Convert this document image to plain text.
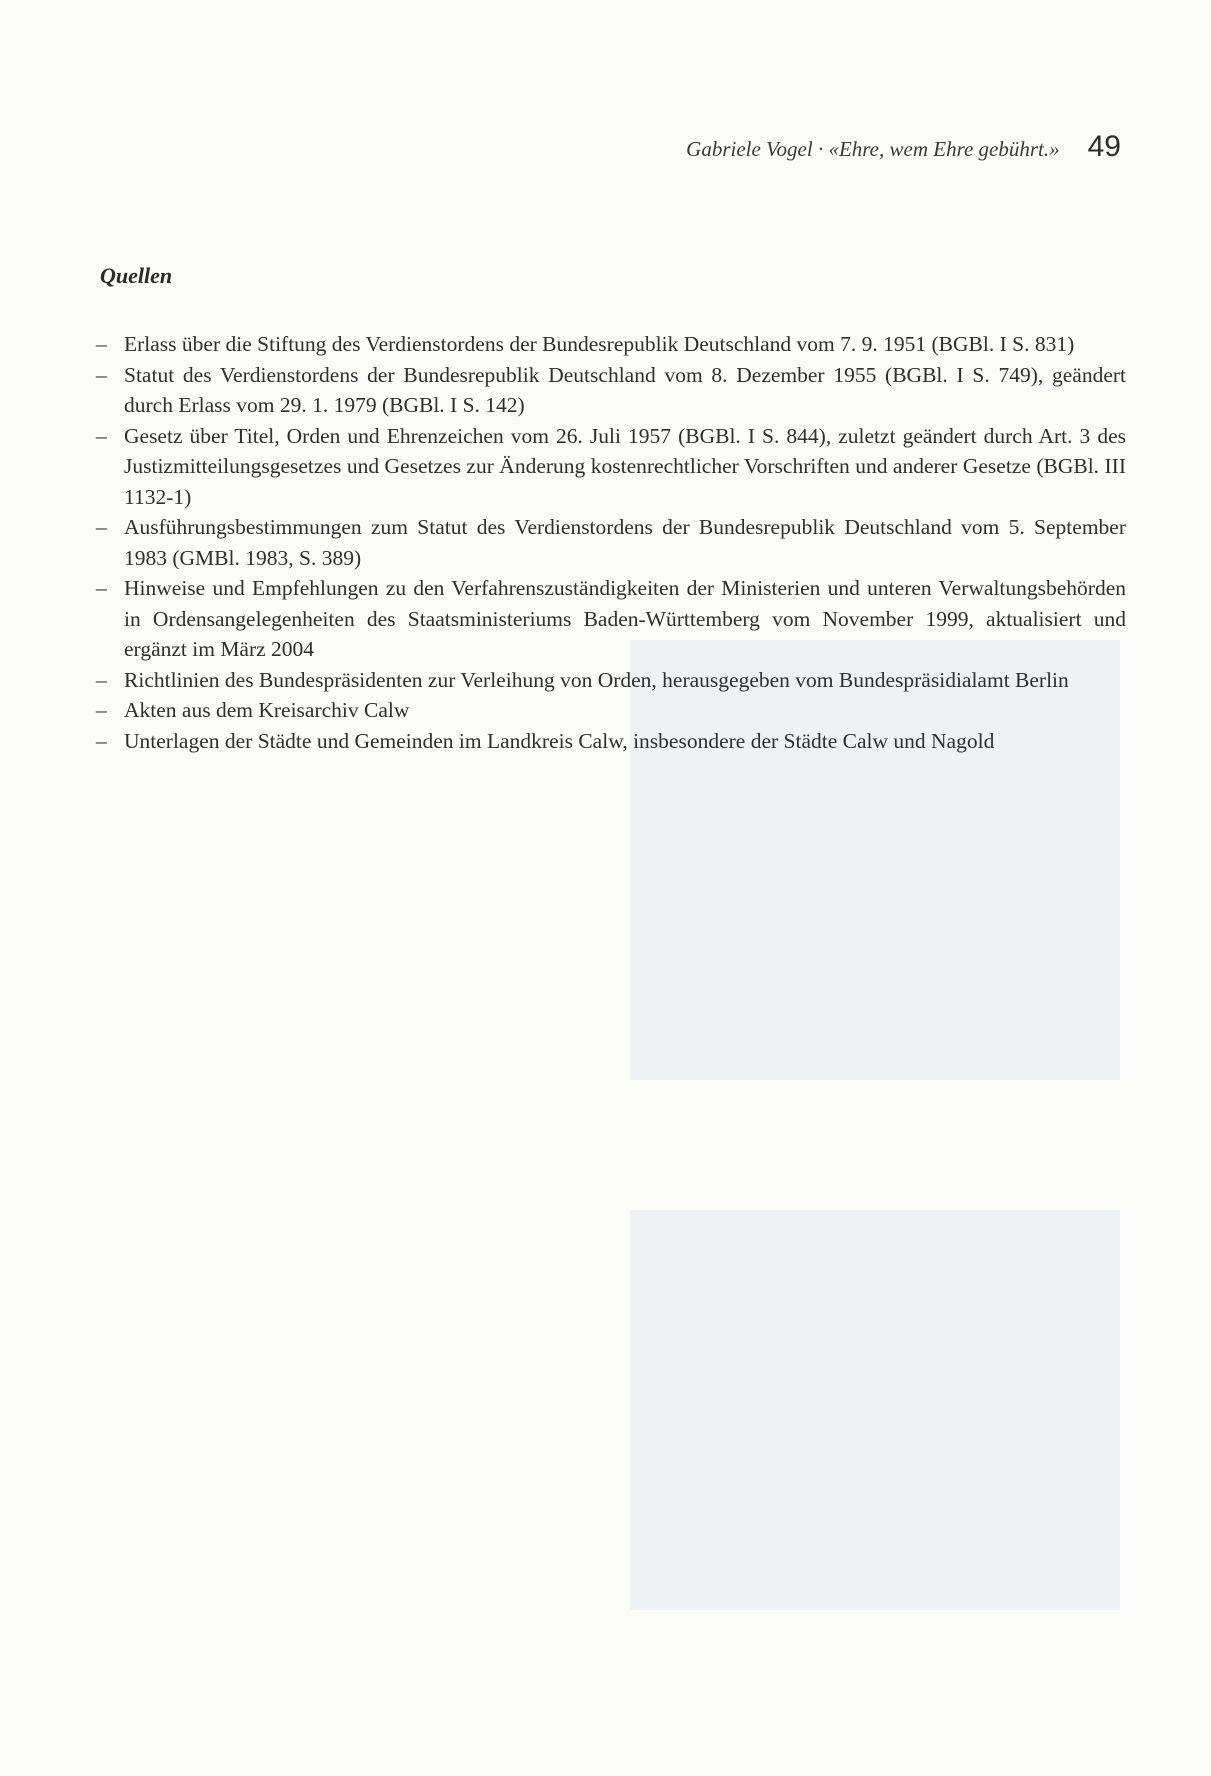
Gabriele Vogel · «Ehre, wem Ehre gebührt.» 49
Quellen
– Erlass über die Stiftung des Verdienstordens der Bundesrepublik Deutschland vom 7. 9. 1951 (BGBl. I S. 831)
– Statut des Verdienstordens der Bundesrepublik Deutschland vom 8. Dezember 1955 (BGBl. I S. 749), geändert durch Erlass vom 29. 1. 1979 (BGBl. I S. 142)
– Gesetz über Titel, Orden und Ehrenzeichen vom 26. Juli 1957 (BGBl. I S. 844), zuletzt geändert durch Art. 3 des Justizmitteilungsgesetzes und Gesetzes zur Änderung kostenrechtlicher Vorschriften und anderer Gesetze (BGBl. III 1132-1)
– Ausführungsbestimmungen zum Statut des Verdienstordens der Bundesrepublik Deutschland vom 5. September 1983 (GMBl. 1983, S. 389)
– Hinweise und Empfehlungen zu den Verfahrenszuständigkeiten der Ministerien und unteren Verwaltungsbehörden in Ordensangelegenheiten des Staatsministeriums Baden-Württemberg vom November 1999, aktualisiert und ergänzt im März 2004
– Richtlinien des Bundespräsidenten zur Verleihung von Orden, herausgegeben vom Bundespräsidialamt Berlin
– Akten aus dem Kreisarchiv Calw
– Unterlagen der Städte und Gemeinden im Landkreis Calw, insbesondere der Städte Calw und Nagold
